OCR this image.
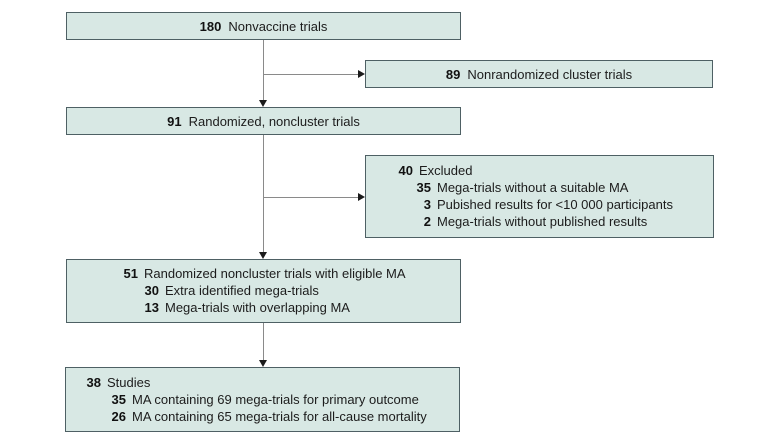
180 Nonvaccine trials
89 Nonrandomized cluster trials
91 Randomized, noncluster trials
40 Excluded
35 Mega-trials without a suitable MA
3 Pubished results for <10 000 participants
2 Mega-trials without published results
51 Randomized noncluster trials with eligible MA
30 Extra identified mega-trials
13 Mega-trials with overlapping MA
38 Studies
35 MA containing 69 mega-trials for primary outcome
26 MA containing 65 mega-trials for all-cause mortality
